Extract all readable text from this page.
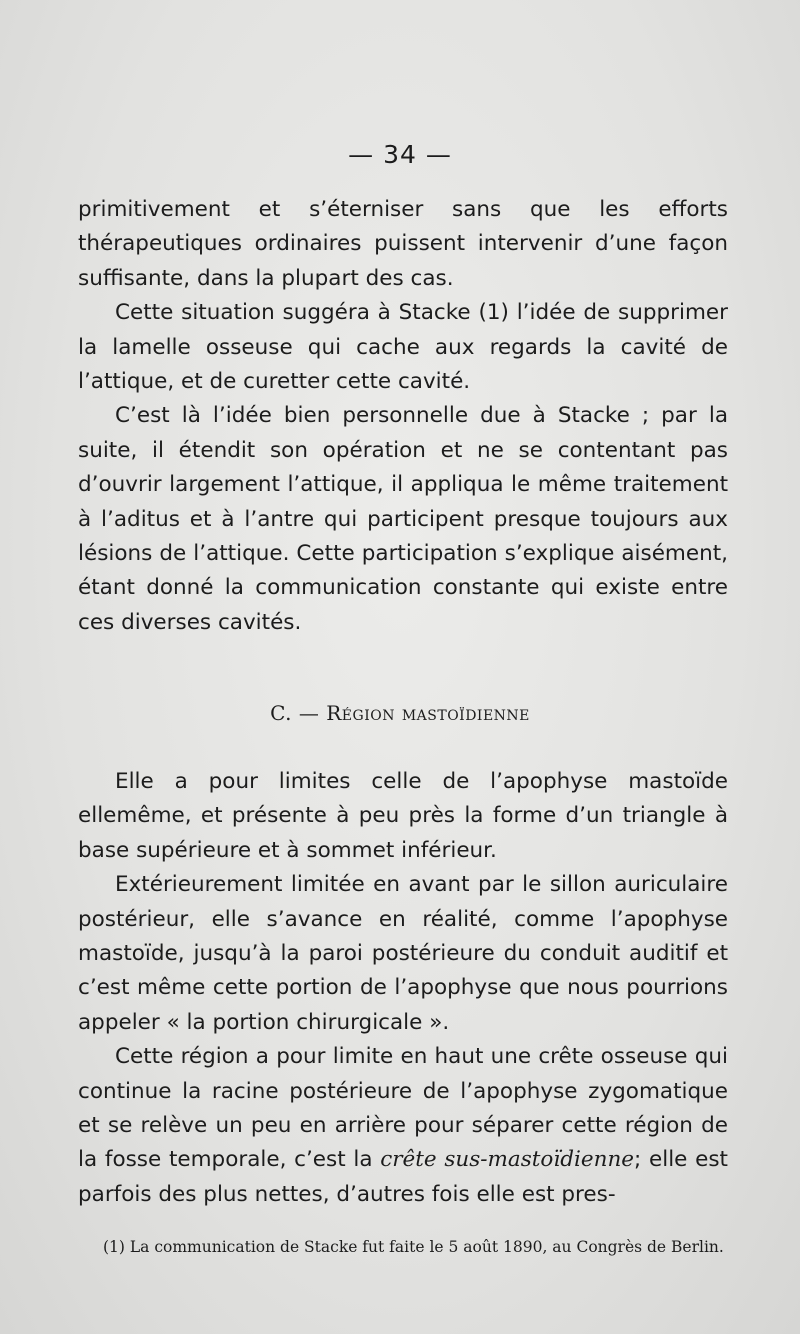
— 34 —

primitivement et s’éterniser sans que les efforts thérapeutiques ordinaires puissent intervenir d’une façon suffisante, dans la plupart des cas.

Cette situation suggéra à Stacke (1) l’idée de supprimer la lamelle osseuse qui cache aux regards la cavité de l’attique, et de curetter cette cavité.

C’est là l’idée bien personnelle due à Stacke ; par la suite, il étendit son opération et ne se contentant pas d’ouvrir largement l’attique, il appliqua le même traitement à l’aditus et à l’antre qui participent presque toujours aux lésions de l’attique. Cette participation s’explique aisément, étant donné la communication constante qui existe entre ces diverses cavités.

C. — Région mastoïdienne

Elle a pour limites celle de l’apophyse mastoïde ellemême, et présente à peu près la forme d’un triangle à base supérieure et à sommet inférieur.

Extérieurement limitée en avant par le sillon auriculaire postérieur, elle s’avance en réalité, comme l’apophyse mastoïde, jusqu’à la paroi postérieure du conduit auditif et c’est même cette portion de l’apophyse que nous pourrions appeler « la portion chirurgicale ».

Cette région a pour limite en haut une crête osseuse qui continue la racine postérieure de l’apophyse zygomatique et se relève un peu en arrière pour séparer cette région de la fosse temporale, c’est la crête sus-mastoïdienne; elle est parfois des plus nettes, d’autres fois elle est pres-

(1) La communication de Stacke fut faite le 5 août 1890, au Congrès de Berlin.
